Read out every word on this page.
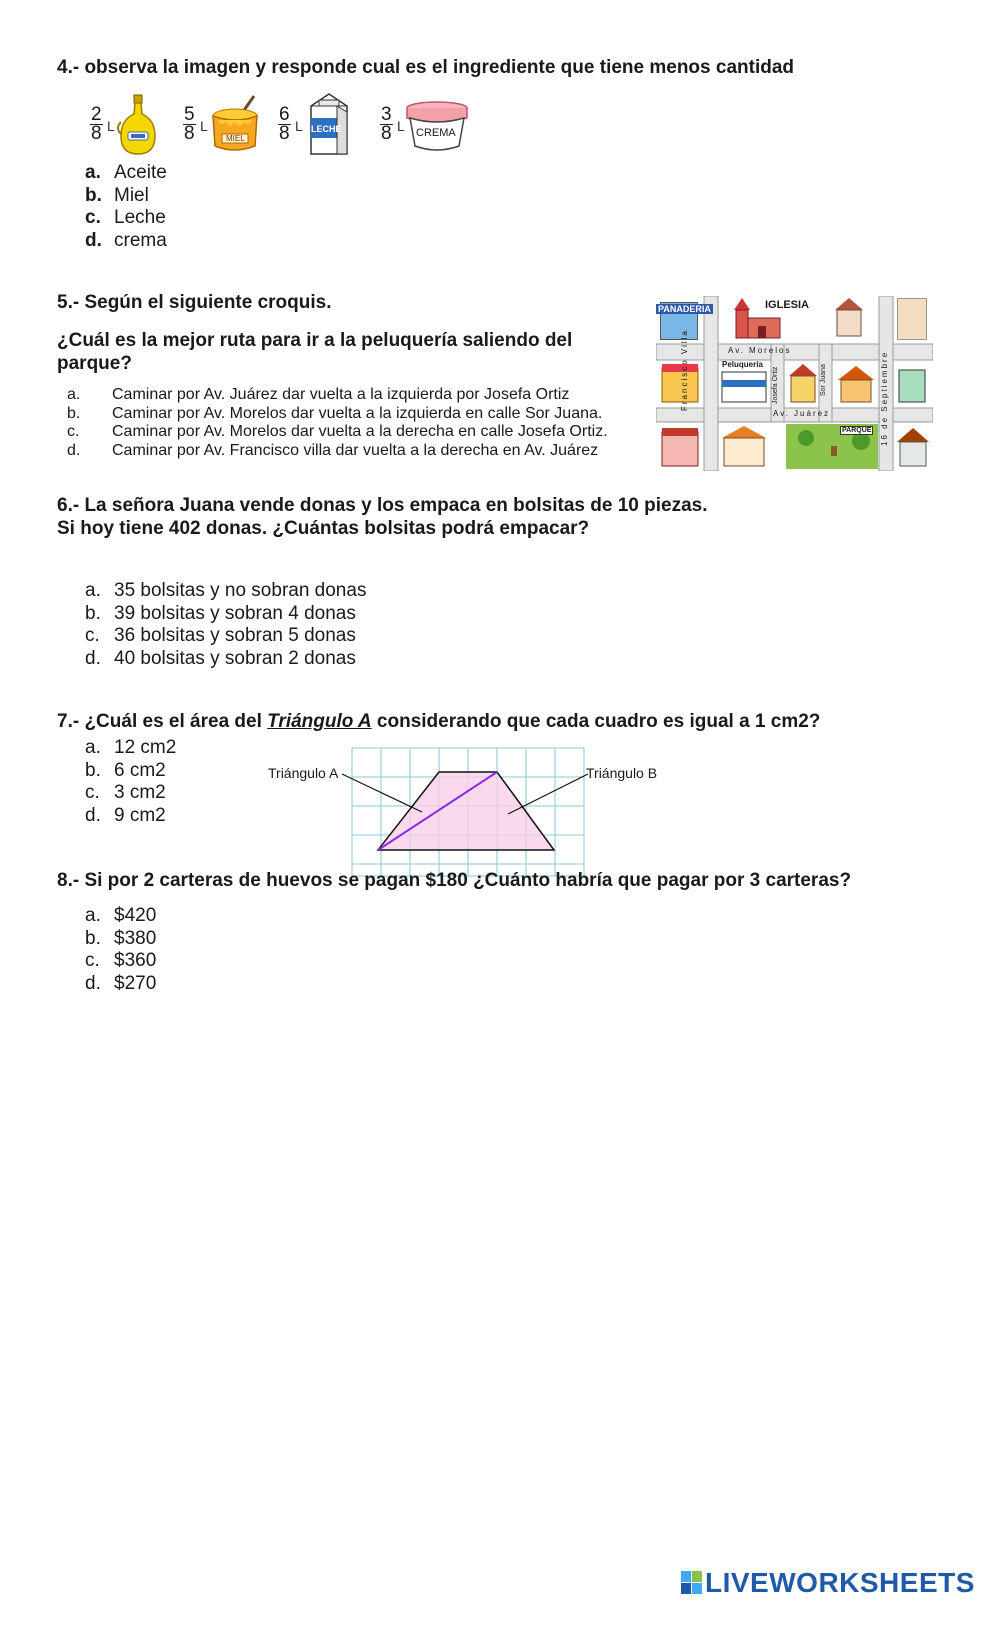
4.- observa la imagen y responde cual es el ingrediente que tiene menos cantidad
$\frac{2}{8}$ L	$\frac{5}{8}$ L
MIEL $\frac{6}{8}$ L LECHE $\frac{3}{8}$ L CREMA
a. Aceite
b. Miel
c. Leche
d. crema
5.- Según el siguiente croquis.
¿Cuál es la mejor ruta para ir a la peluquería saliendo del parque?
a. Caminar por Av. Juárez dar vuelta a la izquierda por Josefa Ortiz
b. Caminar por Av. Morelos dar vuelta a la izquierda en calle Sor Juana.
c. Caminar por Av. Morelos dar vuelta a la derecha en calle Josefa Ortiz.
d. Caminar por Av. Francisco villa dar vuelta a la derecha en Av. Juárez
PANADERIA	IGLESIA
Peluquería
PARQUE
Av. Morelos
Av. Juárez
Francisco Villa	Josefa Ortiz	Sor Juana	16 de Septiembre
6.- La señora Juana vende donas y los empaca en bolsitas de 10 piezas.
Si hoy tiene 402 donas. ¿Cuántas bolsitas podrá empacar?
a. 35 bolsitas y no sobran donas
b. 39 bolsitas y sobran 4 donas
c. 36 bolsitas y sobran 5 donas
d. 40 bolsitas y sobran 2 donas
7.- ¿Cuál es el área del Triángulo A considerando que cada cuadro es igual a 1 cm2?
a. 12 cm2
b. 6 cm2
c. 3 cm2
d. 9 cm2
Triángulo A	Triángulo B
8.- Si por 2 carteras de huevos se pagan $180 ¿Cuánto habría que pagar por 3 carteras?
a. $420
b. $380
c. $360
d. $270
LIVEWORKSHEETS
